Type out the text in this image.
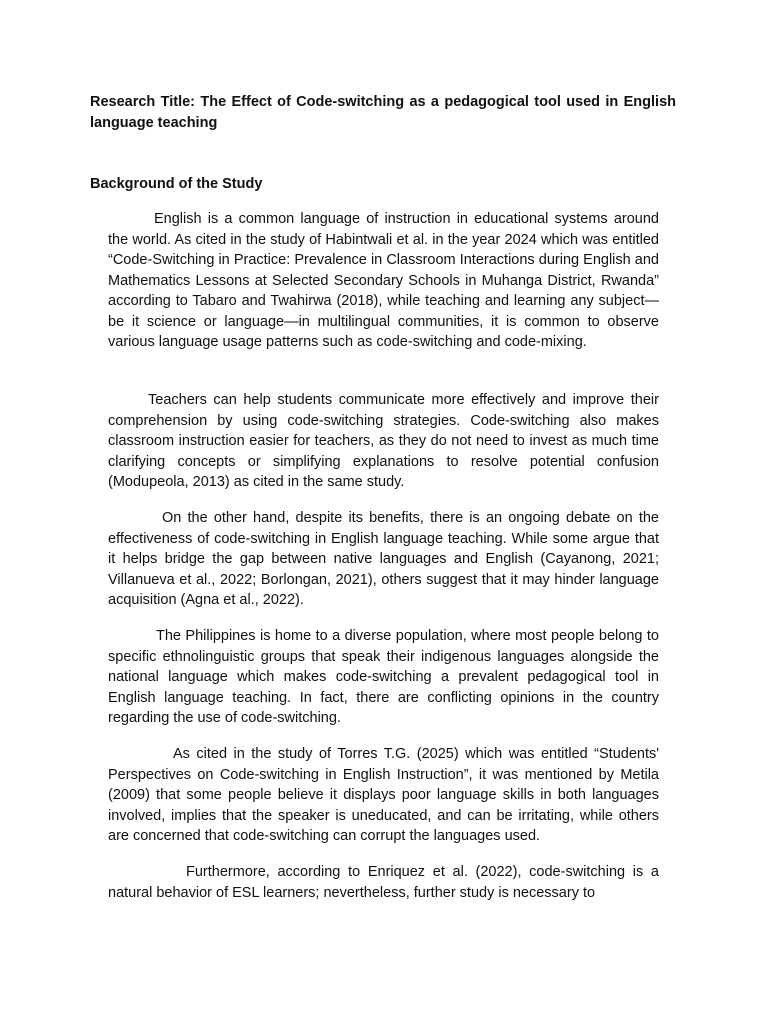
Research Title: The Effect of Code-switching as a pedagogical tool used in English language teaching

Background of the Study

English is a common language of instruction in educational systems around the world. As cited in the study of Habintwali et al. in the year 2024 which was entitled “Code-Switching in Practice: Prevalence in Classroom Interactions during English and Mathematics Lessons at Selected Secondary Schools in Muhanga District, Rwanda” according to Tabaro and Twahirwa (2018), while teaching and learning any subject—be it science or language—in multilingual communities, it is common to observe various language usage patterns such as code-switching and code-mixing.

Teachers can help students communicate more effectively and improve their comprehension by using code-switching strategies. Code-switching also makes classroom instruction easier for teachers, as they do not need to invest as much time clarifying concepts or simplifying explanations to resolve potential confusion (Modupeola, 2013) as cited in the same study.

On the other hand, despite its benefits, there is an ongoing debate on the effectiveness of code-switching in English language teaching. While some argue that it helps bridge the gap between native languages and English (Cayanong, 2021; Villanueva et al., 2022; Borlongan, 2021), others suggest that it may hinder language acquisition (Agna et al., 2022).

The Philippines is home to a diverse population, where most people belong to specific ethnolinguistic groups that speak their indigenous languages alongside the national language which makes code-switching a prevalent pedagogical tool in English language teaching. In fact, there are conflicting opinions in the country regarding the use of code-switching.

As cited in the study of Torres T.G. (2025) which was entitled “Students' Perspectives on Code-switching in English Instruction”, it was mentioned by Metila (2009) that some people believe it displays poor language skills in both languages involved, implies that the speaker is uneducated, and can be irritating, while others are concerned that code-switching can corrupt the languages used.

Furthermore, according to Enriquez et al. (2022), code-switching is a natural behavior of ESL learners; nevertheless, further study is necessary to
